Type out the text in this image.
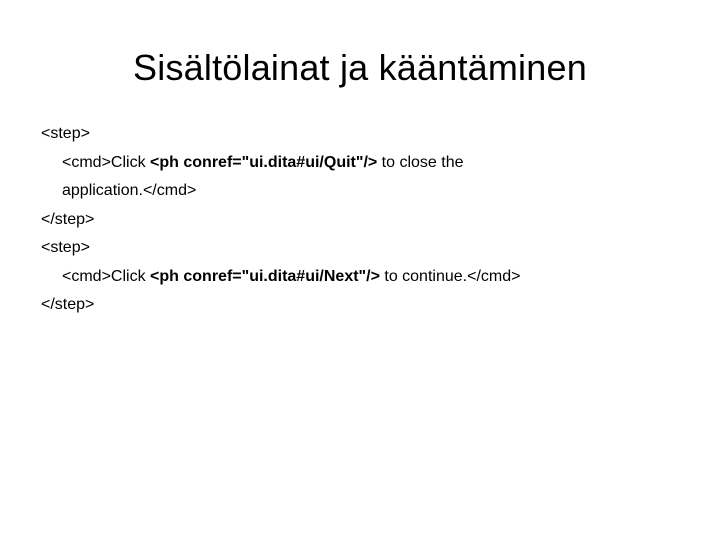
Sisältölainat ja kääntäminen
<step>
<cmd>Click <ph conref="ui.dita#ui/Quit"/> to close the
application.</cmd>
</step>
<step>
<cmd>Click <ph conref="ui.dita#ui/Next"/> to continue.</cmd>
</step>
